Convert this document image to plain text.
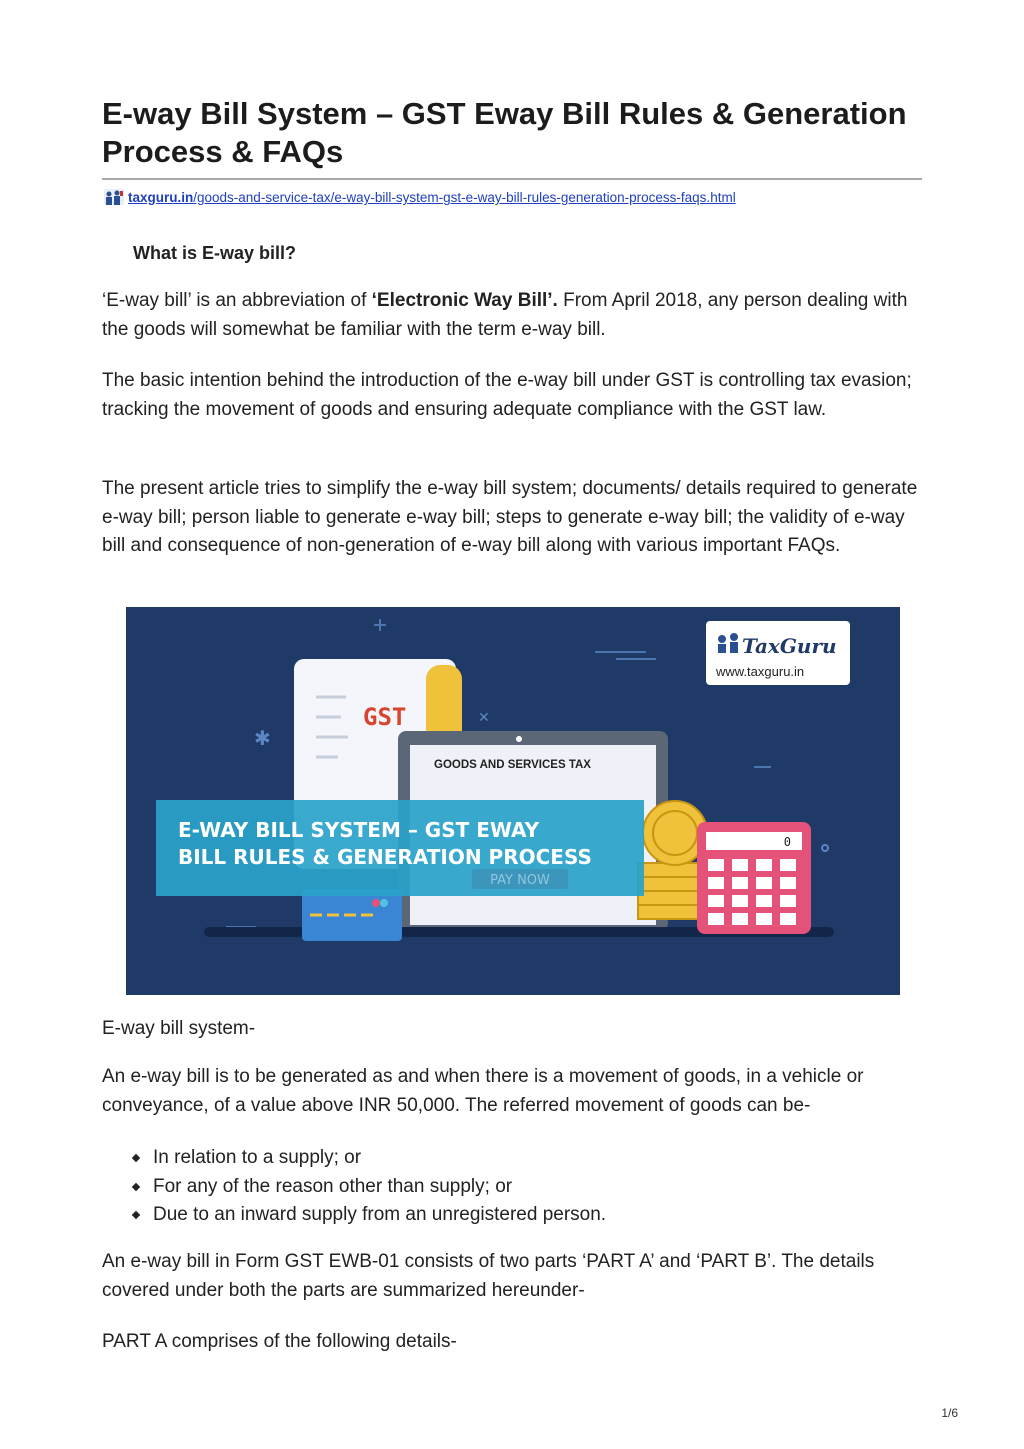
E-way Bill System – GST Eway Bill Rules & Generation Process & FAQs
taxguru.in/goods-and-service-tax/e-way-bill-system-gst-e-way-bill-rules-generation-process-faqs.html
What is E-way bill?

‘E-way bill’ is an abbreviation of ‘Electronic Way Bill’. From April 2018, any person dealing with the goods will somewhat be familiar with the term e-way bill.

The basic intention behind the introduction of the e-way bill under GST is controlling tax evasion; tracking the movement of goods and ensuring adequate compliance with the GST law.

The present article tries to simplify the e-way bill system; documents/ details required to generate e-way bill; person liable to generate e-way bill; steps to generate e-way bill; the validity of e-way bill and consequence of non-generation of e-way bill along with various important FAQs.

✱
✕
TaxGuru
www.taxguru.in
GST
GOODS AND SERVICES TAX
0
E-WAY BILL SYSTEM – GST EWAY
BILL RULES & GENERATION PROCESS
PAY NOW

E-way bill system-

An e-way bill is to be generated as and when there is a movement of goods, in a vehicle or conveyance, of a value above INR 50,000. The referred movement of goods can be-

In relation to a supply; or
For any of the reason other than supply; or
Due to an inward supply from an unregistered person.

An e-way bill in Form GST EWB-01 consists of two parts ‘PART A’ and ‘PART B’. The details covered under both the parts are summarized hereunder-

PART A comprises of the following details-

1/6
